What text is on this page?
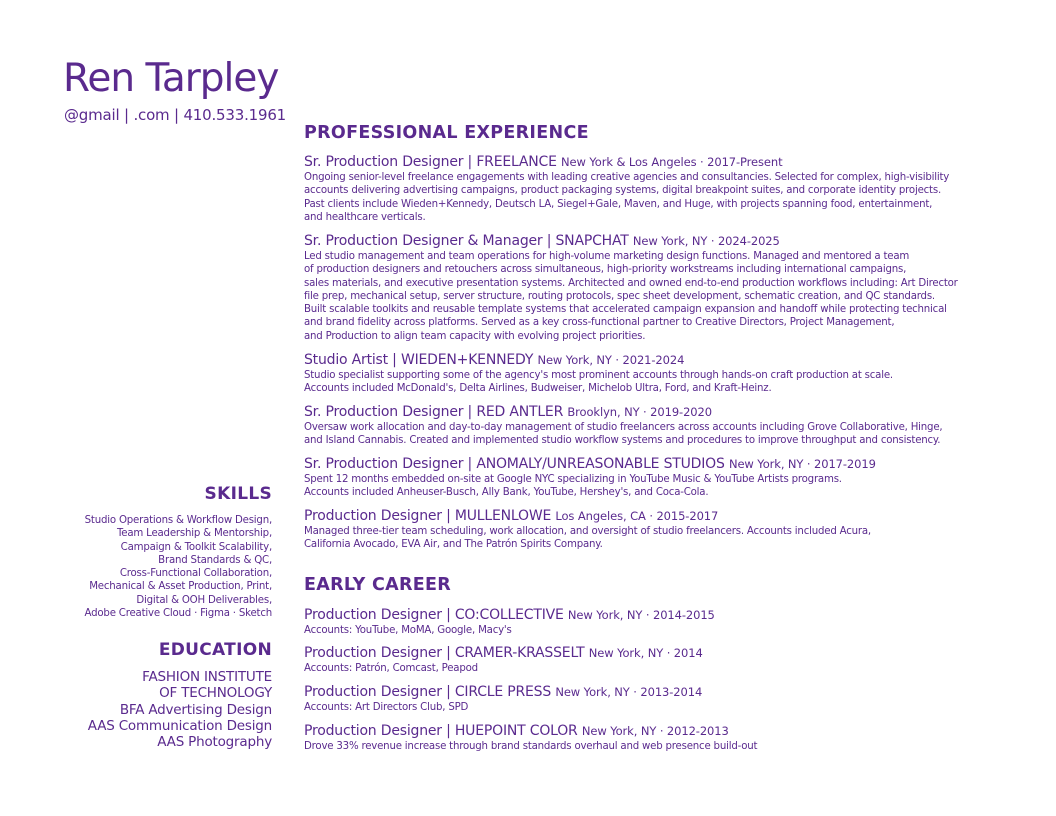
Ren Tarpley

@gmail | .com | 410.533.1961

SKILLS
Studio Operations & Workflow Design,
Team Leadership & Mentorship,
Campaign & Toolkit Scalability,
Brand Standards & QC,
Cross-Functional Collaboration,
Mechanical & Asset Production, Print,
Digital & OOH Deliverables,
Adobe Creative Cloud · Figma · Sketch
EDUCATION
FASHION INSTITUTE
OF TECHNOLOGY
BFA Advertising Design
AAS Communication Design
AAS Photography
PROFESSIONAL EXPERIENCE
Sr. Production Designer | FREELANCE New York & Los Angeles · 2017-Present

Ongoing senior-level freelance engagements with leading creative agencies and consultancies. Selected for complex, high-visibility
accounts delivering advertising campaigns, product packaging systems, digital breakpoint suites, and corporate identity projects.
Past clients include Wieden+Kennedy, Deutsch LA, Siegel+Gale, Maven, and Huge, with projects spanning food, entertainment,
and healthcare verticals.

Sr. Production Designer & Manager | SNAPCHAT New York, NY · 2024-2025

Led studio management and team operations for high-volume marketing design functions. Managed and mentored a team
of production designers and retouchers across simultaneous, high-priority workstreams including international campaigns,
sales materials, and executive presentation systems. Architected and owned end-to-end production workflows including: Art Director
file prep, mechanical setup, server structure, routing protocols, spec sheet development, schematic creation, and QC standards.
Built scalable toolkits and reusable template systems that accelerated campaign expansion and handoff while protecting technical
and brand fidelity across platforms. Served as a key cross-functional partner to Creative Directors, Project Management,
and Production to align team capacity with evolving project priorities.

Studio Artist | WIEDEN+KENNEDY New York, NY · 2021-2024

Studio specialist supporting some of the agency's most prominent accounts through hands-on craft production at scale.
Accounts included McDonald's, Delta Airlines, Budweiser, Michelob Ultra, Ford, and Kraft-Heinz.

Sr. Production Designer | RED ANTLER Brooklyn, NY · 2019-2020

Oversaw work allocation and day-to-day management of studio freelancers across accounts including Grove Collaborative, Hinge,
and Island Cannabis. Created and implemented studio workflow systems and procedures to improve throughput and consistency.

Sr. Production Designer | ANOMALY/UNREASONABLE STUDIOS New York, NY · 2017-2019

Spent 12 months embedded on-site at Google NYC specializing in YouTube Music & YouTube Artists programs.
Accounts included Anheuser-Busch, Ally Bank, YouTube, Hershey's, and Coca-Cola.

Production Designer | MULLENLOWE Los Angeles, CA · 2015-2017

Managed three-tier team scheduling, work allocation, and oversight of studio freelancers. Accounts included Acura,
California Avocado, EVA Air, and The Patrón Spirits Company.

EARLY CAREER
Production Designer | CO:COLLECTIVE New York, NY · 2014-2015

Accounts: YouTube, MoMA, Google, Macy's

Production Designer | CRAMER-KRASSELT New York, NY · 2014

Accounts: Patrón, Comcast, Peapod

Production Designer | CIRCLE PRESS New York, NY · 2013-2014

Accounts: Art Directors Club, SPD

Production Designer | HUEPOINT COLOR New York, NY · 2012-2013

Drove 33% revenue increase through brand standards overhaul and web presence build-out
